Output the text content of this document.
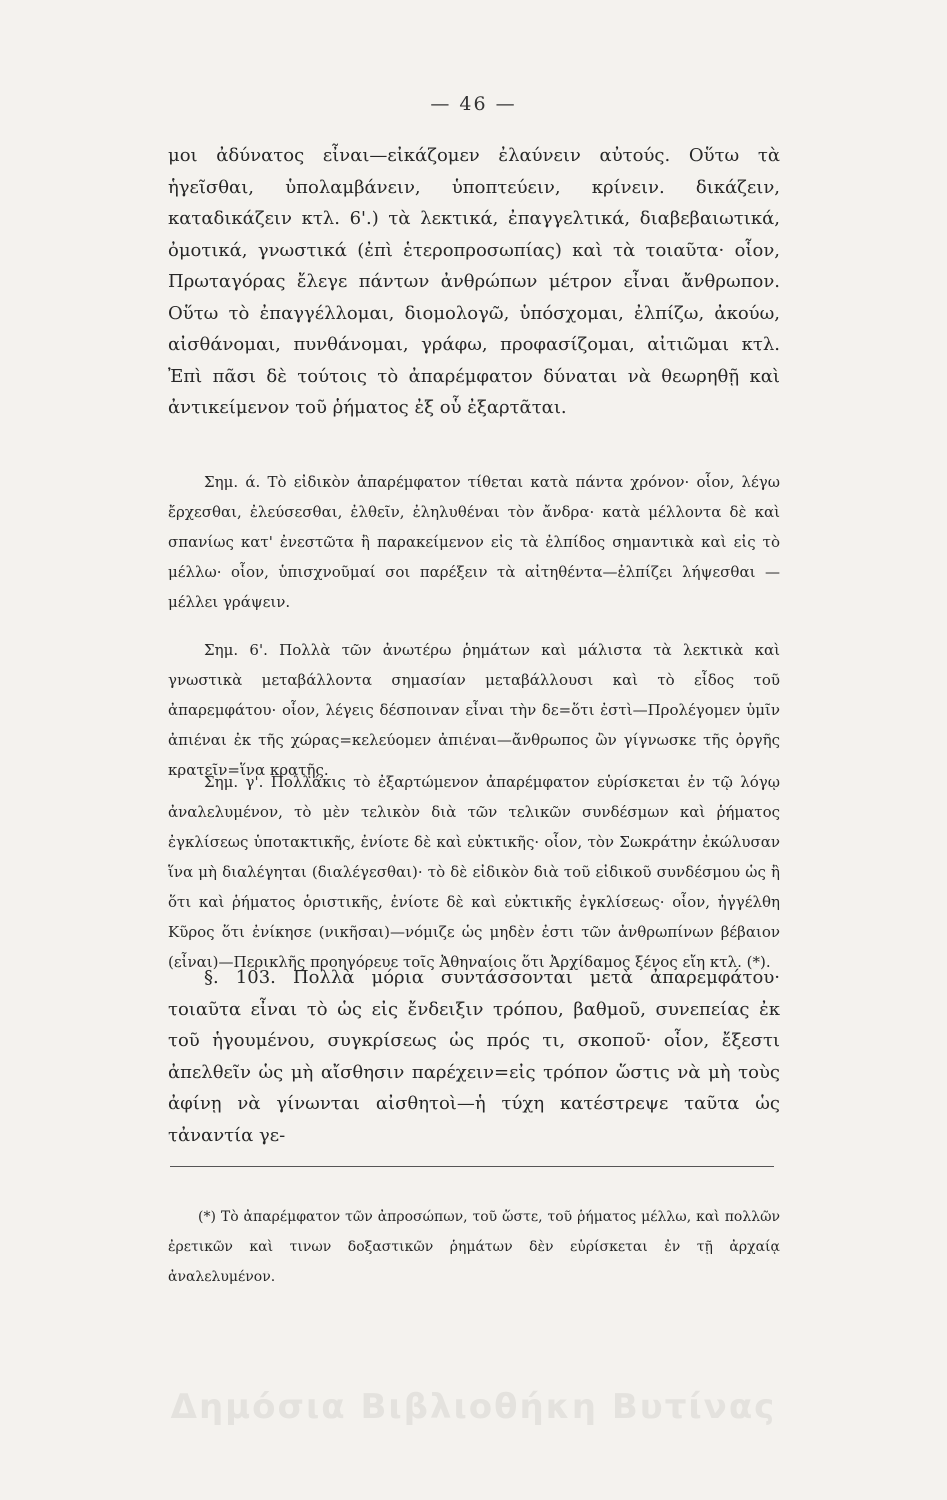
— 46 —

μοι ἀδύνατος εἶναι—εἰκάζομεν ἐλαύνειν αὐτούς. Οὕτω τὰ ἡγεῖσθαι, ὑπολαμβάνειν, ὑποπτεύειν, κρίνειν. δικάζειν, καταδικάζειν κτλ. 6'.) τὰ λεκτικά, ἐπαγγελτικά, διαβεβαιωτικά, ὀμοτικά, γνωστικά (ἐπὶ ἑτεροπροσωπίας) καὶ τὰ τοιαῦτα· οἷον, Πρωταγόρας ἔλεγε πάντων ἀνθρώπων μέτρον εἶναι ἄνθρωπον. Οὕτω τὸ ἐπαγγέλλομαι, διομολογῶ, ὑπόσχομαι, ἐλπίζω, ἀκούω, αἰσθάνομαι, πυνθάνομαι, γράφω, προφασίζομαι, αἰτιῶμαι κτλ. Ἐπὶ πᾶσι δὲ τούτοις τὸ ἀπαρέμφατον δύναται νὰ θεωρηθῇ καὶ ἀντικείμενον τοῦ ῥήματος ἐξ οὗ ἐξαρτᾶται.

Σημ. ά. Τὸ εἰδικὸν ἀπαρέμφατον τίθεται κατὰ πάντα χρόνον· οἷον, λέγω ἔρχεσθαι, ἐλεύσεσθαι, ἐλθεῖν, ἐληλυθέναι τὸν ἄνδρα· κατὰ μέλλοντα δὲ καὶ σπανίως κατ' ἐνεστῶτα ἢ παρακείμενον εἰς τὰ ἐλπίδος σημαντικὰ καὶ εἰς τὸ μέλλω· οἷον, ὑπισχνοῦμαί σοι παρέξειν τὰ αἰτηθέντα—ἐλπίζει λήψεσθαι —μέλλει γράψειν.

Σημ. 6'. Πολλὰ τῶν ἀνωτέρω ῥημάτων καὶ μάλιστα τὰ λεκτικὰ καὶ γνωστικὰ μεταβάλλοντα σημασίαν μεταβάλλουσι καὶ τὸ εἶδος τοῦ ἀπαρεμφάτου· οἷον, λέγεις δέσποιναν εἶναι τὴν δε=ὅτι ἐστὶ—Προλέγομεν ὑμῖν ἀπιέναι ἐκ τῆς χώρας=κελεύομεν ἀπιέναι—ἄνθρωπος ὢν γίγνωσκε τῆς ὀργῆς κρατεῖν=ἵνα κρατῇς.

Σημ. γ'. Πολλάκις τὸ ἐξαρτώμενον ἀπαρέμφατον εὑρίσκεται ἐν τῷ λόγῳ ἀναλελυμένον, τὸ μὲν τελικὸν διὰ τῶν τελικῶν συνδέσμων καὶ ῥήματος ἐγκλίσεως ὑποτακτικῆς, ἐνίοτε δὲ καὶ εὐκτικῆς· οἷον, τὸν Σωκράτην ἐκώλυσαν ἵνα μὴ διαλέγηται (διαλέγεσθαι)· τὸ δὲ εἰδικὸν διὰ τοῦ εἰδικοῦ συνδέσμου ὡς ἢ ὅτι καὶ ῥήματος ὁριστικῆς, ἐνίοτε δὲ καὶ εὐκτικῆς ἐγκλίσεως· οἷον, ἠγγέλθη Κῦρος ὅτι ἐνίκησε (νικῆσαι)—νόμιζε ὡς μηδὲν ἐστι τῶν ἀνθρωπίνων βέβαιον (εἶναι)—Περικλῆς προηγόρευε τοῖς Ἀθηναίοις ὅτι Ἀρχίδαμος ξένος εἴη κτλ. (*).

§. 103. Πολλὰ μόρια συντάσσονται μετὰ ἀπαρεμφάτου· τοιαῦτα εἶναι τὸ ὡς εἰς ἔνδειξιν τρόπου, βαθμοῦ, συνεπείας ἐκ τοῦ ἡγουμένου, συγκρίσεως ὡς πρός τι, σκοποῦ· οἷον, ἔξεστι ἀπελθεῖν ὡς μὴ αἴσθησιν παρέχειν=εἰς τρόπον ὥστις νὰ μὴ τοὺς ἀφίνῃ νὰ γίνωνται αἰσθητοὶ—ἡ τύχη κατέστρεψε ταῦτα ὡς τἀναντία γε-

(*) Τὸ ἀπαρέμφατον τῶν ἀπροσώπων, τοῦ ὥστε, τοῦ ῥήματος μέλλω, καὶ πολλῶν ἐρετικῶν καὶ τινων δοξαστικῶν ῥημάτων δὲν εὑρίσκεται ἐν τῇ ἀρχαίᾳ ἀναλελυμένον.

Δημόσια Βιβλιοθήκη Βυτίνας
